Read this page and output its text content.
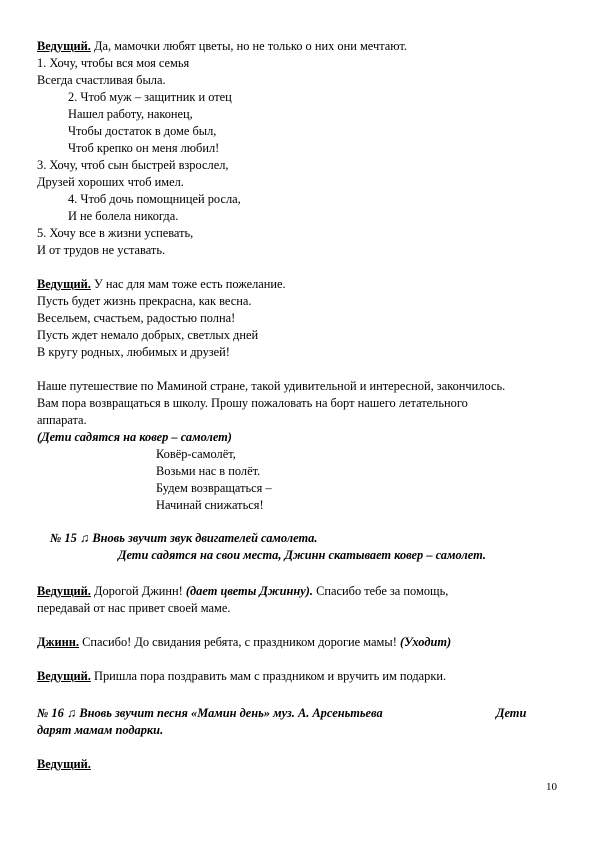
Ведущий. Да, мамочки любят цветы, но не только о них они мечтают.
1. Хочу, чтобы вся моя семья
Всегда счастливая была.
2. Чтоб муж – защитник и отец
Нашел работу, наконец,
Чтобы достаток в доме был,
Чтоб крепко он меня любил!
3. Хочу, чтоб сын быстрей взрослел,
Друзей хороших чтоб имел.
4. Чтоб дочь помощницей росла,
И не болела никогда.
5. Хочу все в жизни успевать,
И от трудов не уставать.
Ведущий. У нас для мам тоже есть пожелание.
Пусть будет жизнь прекрасна, как весна.
Весельем, счастьем, радостью полна!
Пусть ждет немало добрых, светлых дней
В кругу родных, любимых и друзей!
Наше путешествие по Маминой стране, такой удивительной и интересной, закончилось.
Вам пора возвращаться в школу. Прошу пожаловать на борт нашего летательного
аппарата.
(Дети садятся на ковер – самолет)
Ковёр-самолёт,
Возьми нас в полёт.
Будем возвращаться –
Начинай снижаться!
№ 15 ♫ Вновь звучит звук двигателей самолета.
Дети садятся на свои места, Джинн скатывает ковер – самолет.
Ведущий. Дорогой Джинн! (дает цветы Джинну). Спасибо тебе за помощь,
передавай от нас привет своей маме.
Джинн. Спасибо! До свидания ребята, с праздником дорогие мамы! (Уходит)
Ведущий. Пришла пора поздравить мам с праздником и вручить им подарки.
№ 16 ♫ Вновь звучит песня «Мамин день» муз. А. Арсеньтьева	Дети
дарят мамам подарки.
Ведущий.
10
